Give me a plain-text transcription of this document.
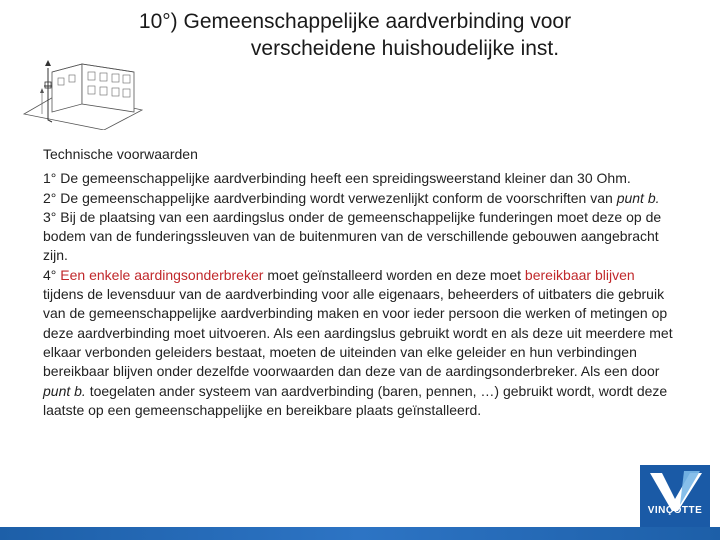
10°) Gemeenschappelijke aardverbinding voor
verscheidene huishoudelijke inst.

Technische voorwaarden

1° De gemeenschappelijke aardverbinding heeft een spreidingsweerstand kleiner dan 30 Ohm.

2° De gemeenschappelijke aardverbinding wordt verwezenlijkt conform de voorschriften van punt b.

3° Bij de plaatsing van een aardingslus onder de gemeenschappelijke funderingen moet deze op de bodem van de funderingssleuven van de buitenmuren van de verschillende gebouwen aangebracht zijn.

4° Een enkele aardingsonderbreker moet geïnstalleerd worden en deze moet bereikbaar blijven tijdens de levensduur van de aardverbinding voor alle eigenaars, beheerders of uitbaters die gebruik van de gemeenschappelijke aardverbinding maken en voor ieder persoon die werken of metingen op deze aardverbinding moet uitvoeren. Als een aardingslus gebruikt wordt en als deze uit meerdere met elkaar verbonden geleiders bestaat, moeten de uiteinden van elke geleider en hun verbindingen bereikbaar blijven onder dezelfde voorwaarden dan deze van de aardingsonderbreker. Als een door punt b. toegelaten ander systeem van aardverbinding (baren, pennen, …) gebruikt wordt, wordt deze laatste op een gemeenschappelijke en bereikbare plaats geïnstalleerd.

VINÇOTTE
